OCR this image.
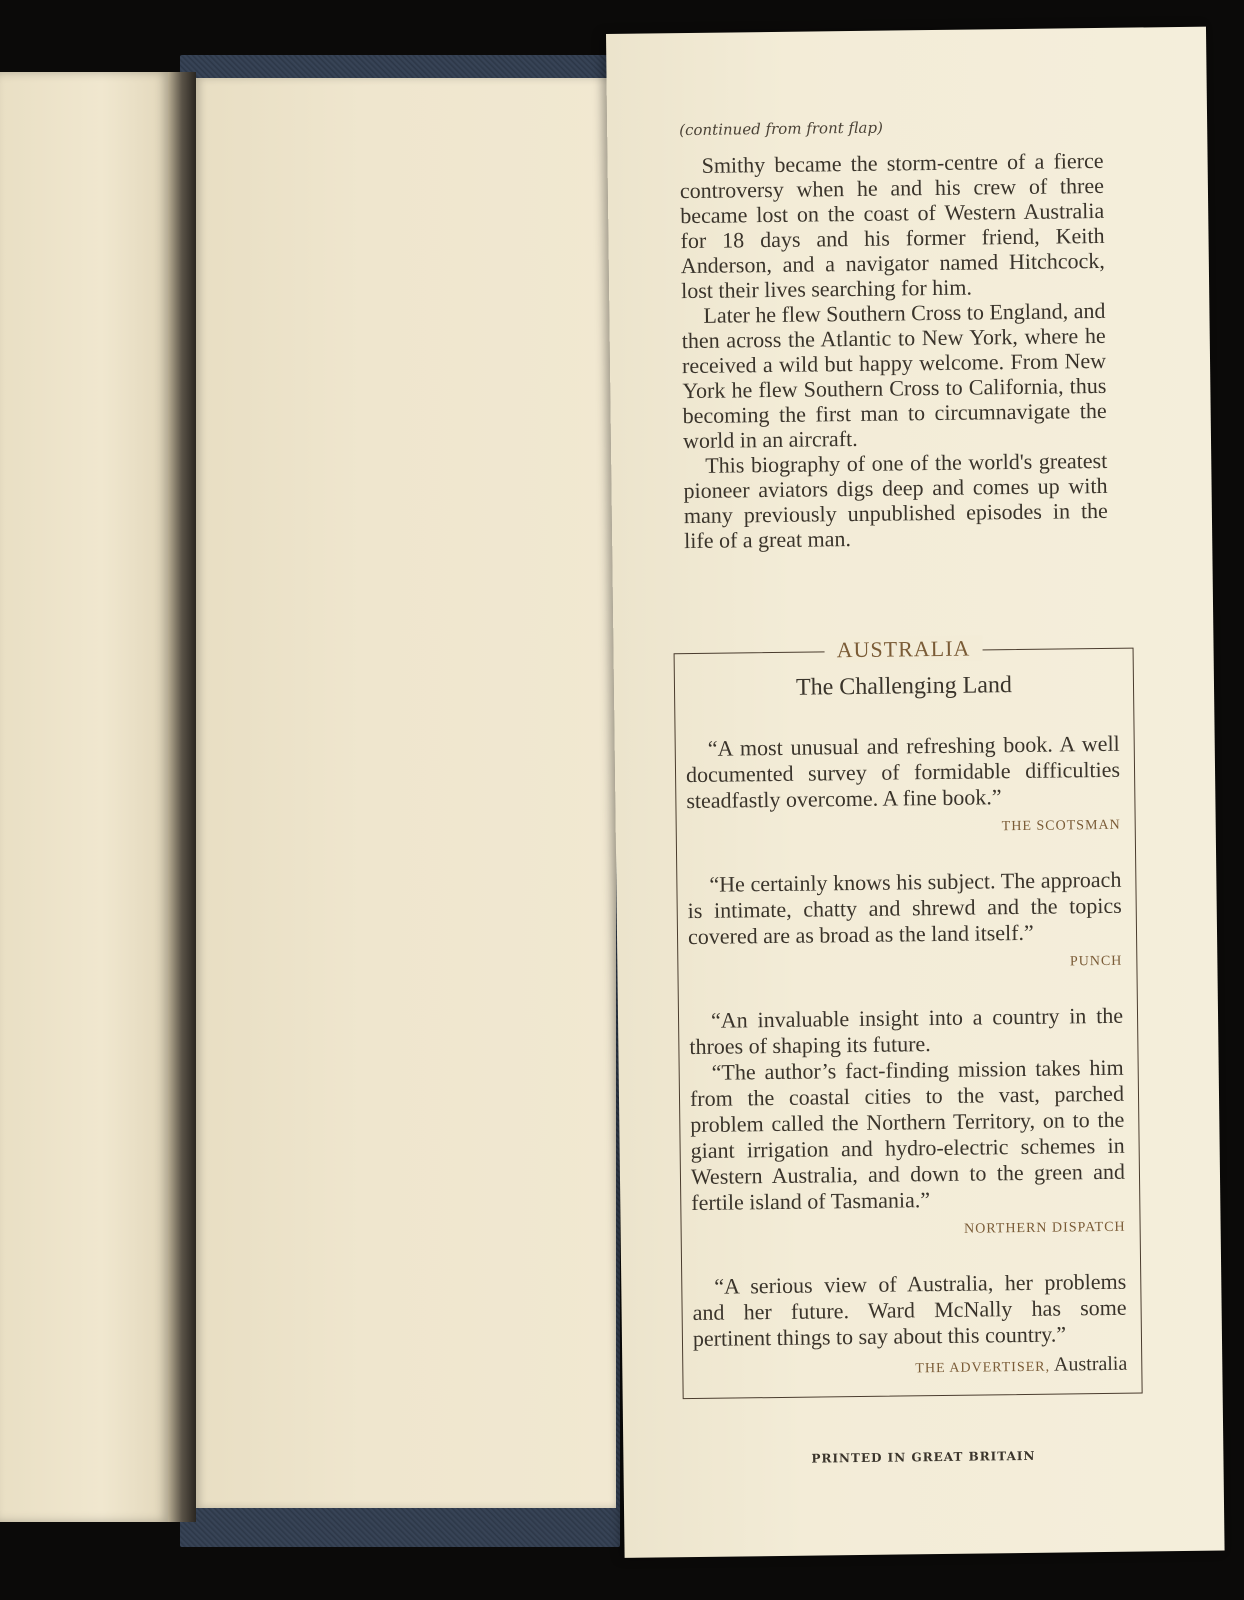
(continued from front flap)

Smithy became the storm-centre of a fierce controversy when he and his crew of three became lost on the coast of Western Australia for 18 days and his former friend, Keith Anderson, and a navigator named Hitchcock, lost their lives searching for him.

Later he flew Southern Cross to England, and then across the Atlantic to New York, where he received a wild but happy welcome. From New York he flew Southern Cross to California, thus becoming the first man to circumnavigate the world in an aircraft.

This biography of one of the world's greatest pioneer aviators digs deep and comes up with many previously unpublished episodes in the life of a great man.

AUSTRALIA
The Challenging Land

“A most unusual and refreshing book. A well documented survey of formidable difficulties steadfastly overcome. A fine book.”

THE SCOTSMAN

“He certainly knows his subject. The approach is intimate, chatty and shrewd and the topics covered are as broad as the land itself.”

PUNCH

“An invaluable insight into a country in the throes of shaping its future.

“The author’s fact-finding mission takes him from the coastal cities to the vast, parched problem called the Northern Territory, on to the giant irrigation and hydro-electric schemes in Western Australia, and down to the green and fertile island of Tasmania.”

NORTHERN DISPATCH

“A serious view of Australia, her problems and her future. Ward McNally has some pertinent things to say about this country.”

THE ADVERTISER, Australia
PRINTED IN GREAT BRITAIN
